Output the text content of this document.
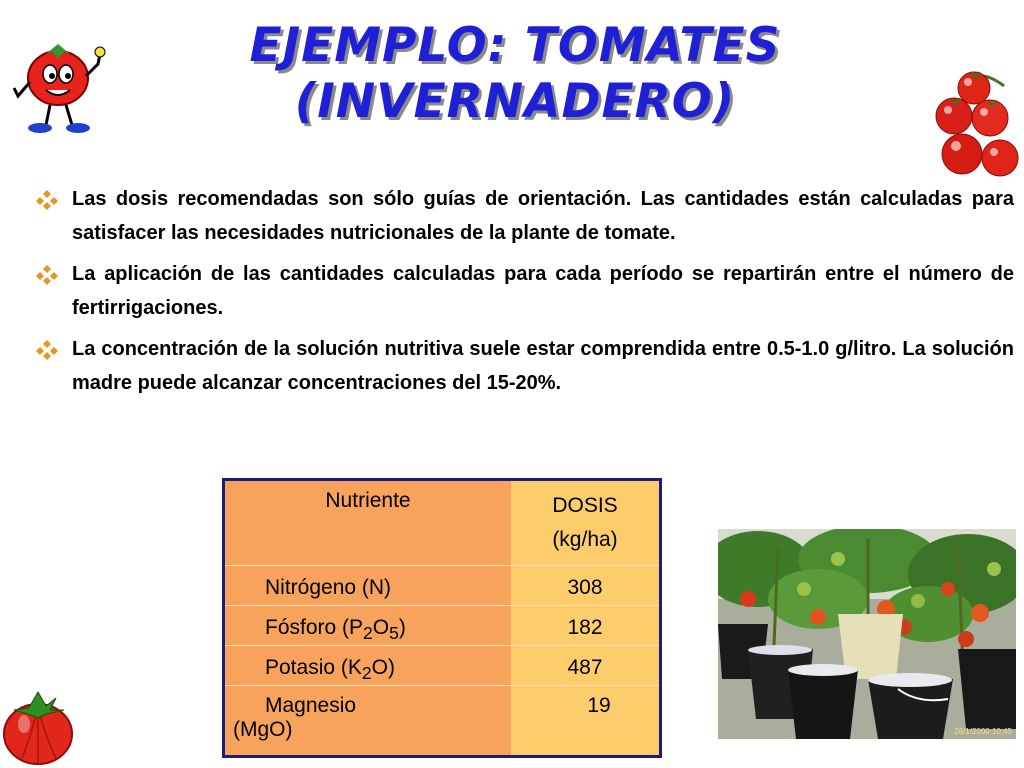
EJEMPLO: TOMATES
(INVERNADERO)
Las dosis recomendadas son sólo guías de orientación. Las cantidades están calculadas para satisfacer las necesidades nutricionales de la plante de tomate.
La aplicación de las cantidades calculadas para cada período se repartirán entre el número de fertirrigaciones.
La concentración de la solución nutritiva suele estar comprendida entre 0.5-1.0 g/litro. La solución madre puede alcanzar concentraciones del 15-20%.
Nutriente	DOSIS
(kg/ha)

Nitrógeno (N)	308
Fósforo $(P_2O_5)$	182
Potasio $(K_2O)$	487

Magnesio
(MgO)	19
26/1/2000 10:45
